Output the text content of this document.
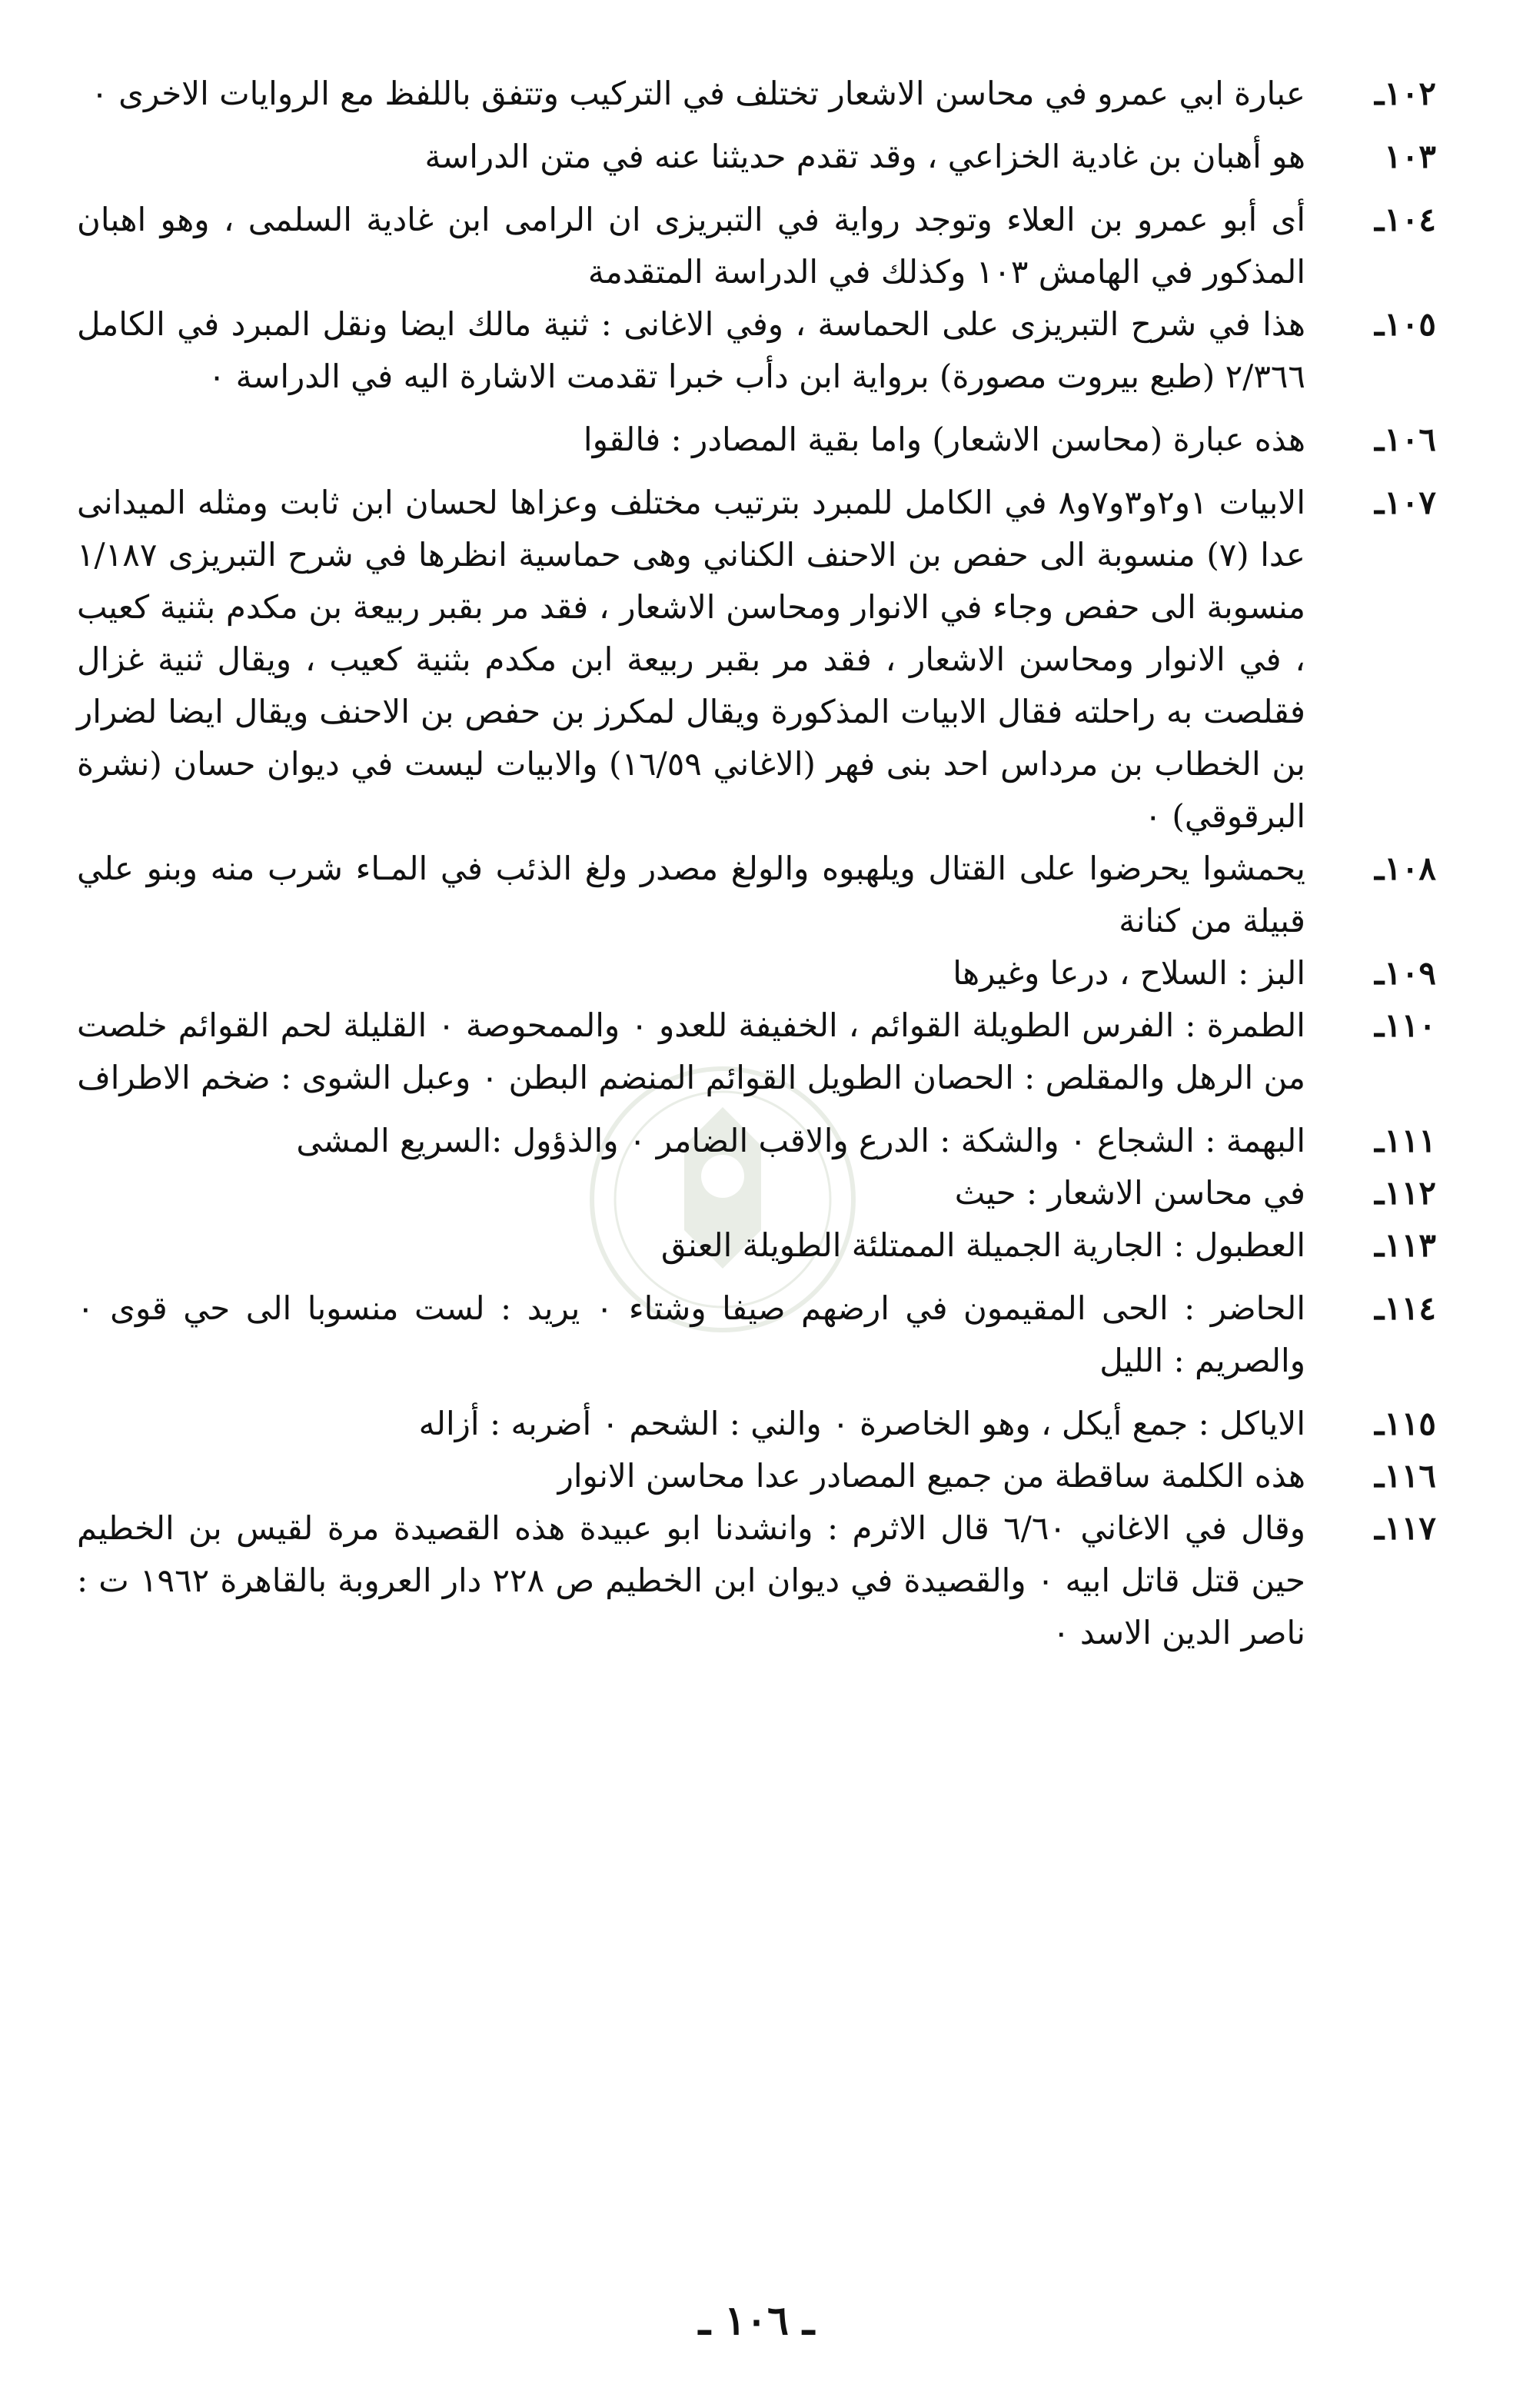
١٠٢ـ
عبارة ابي عمرو في محاسن الاشعار تختلف في التركيب وتتفق باللفظ مع الروايات الاخرى ٠
١٠٣
هو أهبان بن غادية الخزاعي ، وقد تقدم حديثنا عنه في متن الدراسة
١٠٤ـ
أى أبو عمرو بن العلاء وتوجد رواية في التبريزى ان الرامى ابن غادية السلمى ، وهو اهبان المذكور في الهامش ١٠٣ وكذلك في الدراسة المتقدمة
١٠٥ـ
هذا في شرح التبريزى على الحماسة ، وفي الاغانى : ثنية مالك ايضا ونقل المبرد في الكامل ٢/٣٦٦ (طبع بيروت مصورة) برواية ابن دأب خبرا تقدمت الاشارة اليه في الدراسة ٠
١٠٦ـ
هذه عبارة (محاسن الاشعار) واما بقية المصادر : فالقوا
١٠٧ـ
الابيات ١و٢و٣و٧و٨ في الكامل للمبرد بترتيب مختلف وعزاها لحسان ابن ثابت ومثله الميدانى عدا (٧) منسوبة الى حفص بن الاحنف الكناني وهى حماسية انظرها في شرح التبريزى ١/١٨٧ منسوبة الى حفص وجاء في الانوار ومحاسن الاشعار ، فقد مر بقبر ربيعة بن مكدم بثنية كعيب ، في الانوار ومحاسن الاشعار ، فقد مر بقبر ربيعة ابن مكدم بثنية كعيب ، ويقال ثنية غزال فقلصت به راحلته فقال الابيات المذكورة ويقال لمكرز بن حفص بن الاحنف ويقال ايضا لضرار بن الخطاب بن مرداس احد بنى فهر (الاغاني ١٦/٥٩) والابيات ليست في ديوان حسان (نشرة البرقوقي) ٠
١٠٨ـ
يحمشوا يحرضوا على القتال ويلهبوه والولغ مصدر ولغ الذئب في المـاء شرب منه وبنو علي قبيلة من كنانة
١٠٩ـ
البز : السلاح ، درعا وغيرها
١١٠ـ
الطمرة : الفرس الطويلة القوائم ، الخفيفة للعدو ٠ والممحوصة ٠ القليلة لحم القوائم خلصت من الرهل والمقلص : الحصان الطويل القوائم المنضم البطن ٠ وعبل الشوى : ضخم الاطراف
١١١ـ
البهمة : الشجاع ٠ والشكة : الدرع والاقب الضامر ٠ والذؤول :السريع المشى
١١٢ـ
في محاسن الاشعار : حيث
١١٣ـ
العطبول : الجارية الجميلة الممتلئة الطويلة العنق
١١٤ـ
الحاضر : الحى المقيمون في ارضهم صيفا وشتاء ٠ يريد : لست منسوبا الى حي قوى ٠ والصريم : الليل
١١٥ـ
الاياكل : جمع أيكل ، وهو الخاصرة ٠ والني : الشحم ٠ أضربه : أزاله
١١٦ـ
هذه الكلمة ساقطة من جميع المصادر عدا محاسن الانوار
١١٧ـ
وقال في الاغاني ٦/٦٠ قال الاثرم : وانشدنا ابو عبيدة هذه القصيدة مرة لقيس بن الخطيم حين قتل قاتل ابيه ٠ والقصيدة في ديوان ابن الخطيم ص ٢٢٨ دار العروبة بالقاهرة ١٩٦٢ ت : ناصر الدين الاسد ٠
ـ ١٠٦ ـ
